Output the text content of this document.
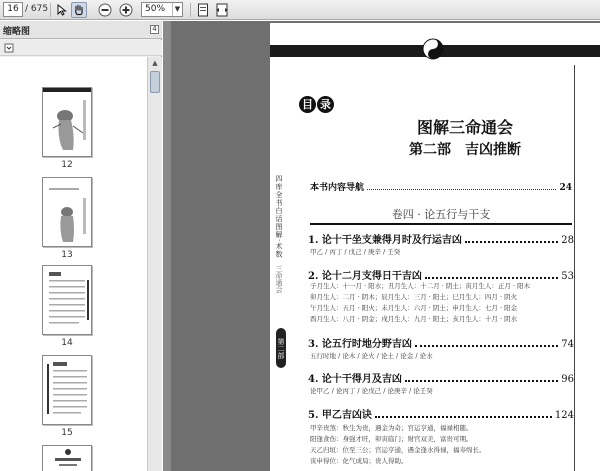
16 / 675	50%	▼
缩略图	4
12
13
14
15
▲
四库全书白话图解·术数
三命通会
第二部
目 录
图解三命通会
第二部　吉凶推断
本书内容导航	24
卷四 · 论五行与干支
1. 论十干坐支兼得月时及行运吉凶	28
甲乙 / 丙丁 / 戊己 / 庚辛 / 壬癸
2. 论十二月支得日干吉凶	53
子月生人：十一月 · 阳水；丑月生人：十二月 · 阴土；寅月生人：正月 · 阳木
卯月生人：二月 · 阴木；辰月生人：三月 · 阳土；巳月生人：四月 · 阴火
午月生人：五月 · 阳火；未月生人：六月 · 阴土；申月生人：七月 · 阳金
酉月生人：八月 · 阴金；戌月生人：九月 · 阳土；亥月生人：十月 · 阴水
3. 论五行时地分野吉凶	74
五行时地 / 论木 / 论火 / 论土 / 论金 / 论水
4. 论十干得月及吉凶	96
论甲乙 / 论丙丁 / 论戊己 / 论庚辛 / 论壬癸
5. 甲乙吉凶诀	124
甲辛贵煞：秋生为贵，遇金为奇；官运亨通，福禄相随。
阳逢食伤：身强才旺，卯寅临门；财官双美，富贵可期。
天乙归垣：位至三公；官运亨通，遇金逢水得禄，福寿绵长。
寅申得位：化气成局；贵人得助。
